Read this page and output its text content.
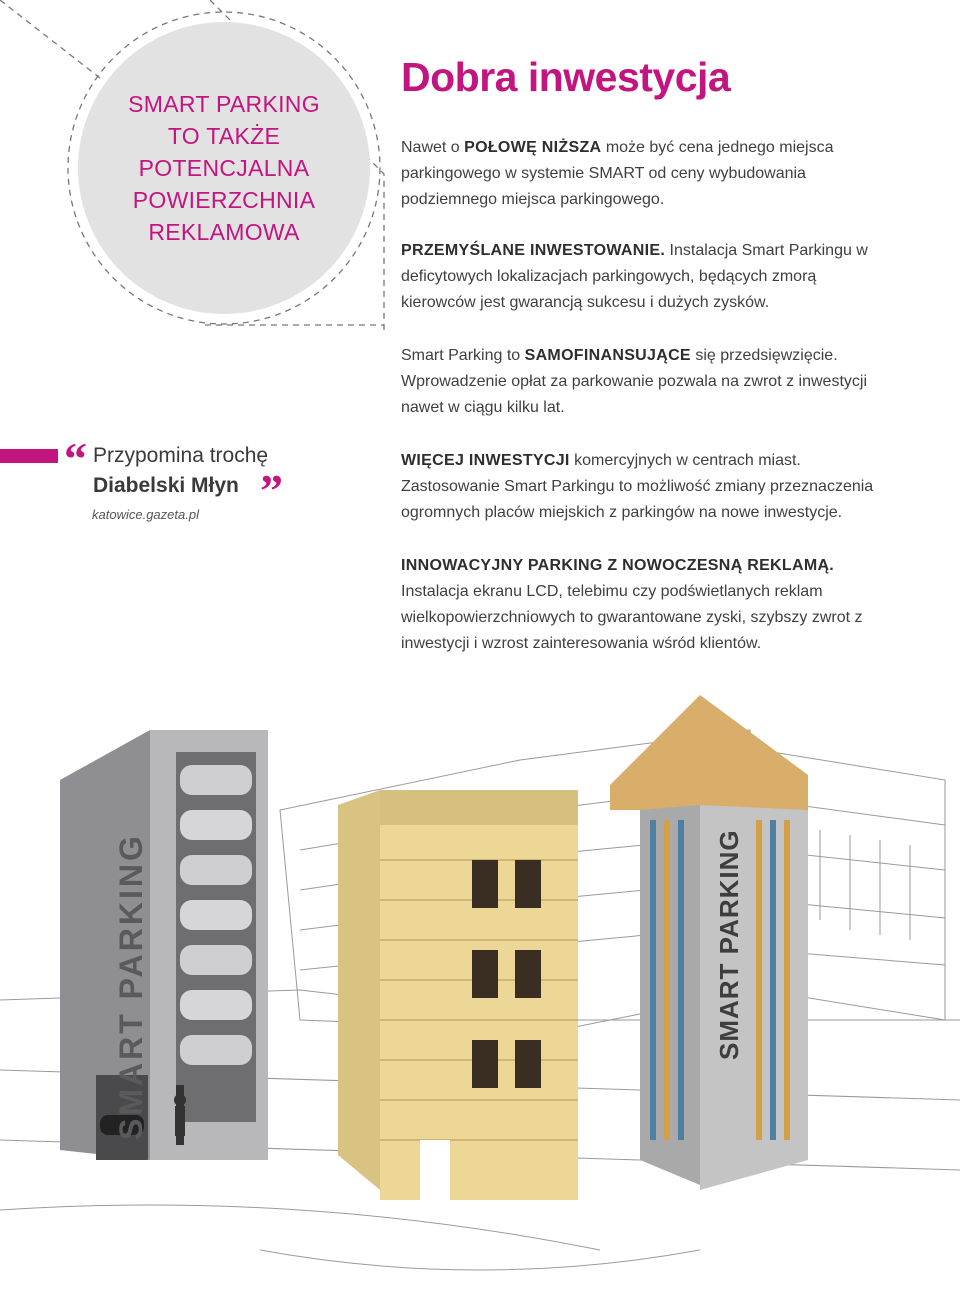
SMART PARKING
TO TAKŻE
POTENCJALNA
POWIERZCHNIA
REKLAMOWA
Dobra inwestycja

Nawet o POŁOWĘ NIŻSZA może być cena jednego miejsca parkingowego w systemie SMART od ceny wybudowania podziemnego miejsca parkingowego.

PRZEMYŚLANE INWESTOWANIE. Instalacja Smart Parkingu w deficytowych lokalizacjach parkingowych, będących zmorą kierowców jest gwarancją sukcesu i dużych zysków.

Smart Parking to SAMOFINANSUJĄCE się przedsięwzięcie. Wprowadzenie opłat za parkowanie pozwala na zwrot z inwestycji nawet w ciągu kilku lat.

WIĘCEJ INWESTYCJI komercyjnych w centrach miast. Zastosowanie Smart Parkingu to możliwość zmiany przeznaczenia ogromnych placów miejskich z parkingów na nowe inwestycje.

INNOWACYJNY PARKING Z NOWOCZESNĄ REKLAMĄ. Instalacja ekranu LCD, telebimu czy podświetlanych reklam wielkopowierzchniowych to gwarantowane zyski, szybszy zwrot z inwestycji i wzrost zainteresowania wśród klientów.

“ Przypomina trochę
Diabelski Młyn ”
katowice.gazeta.pl
SMART PARKING	SMART PARKING
